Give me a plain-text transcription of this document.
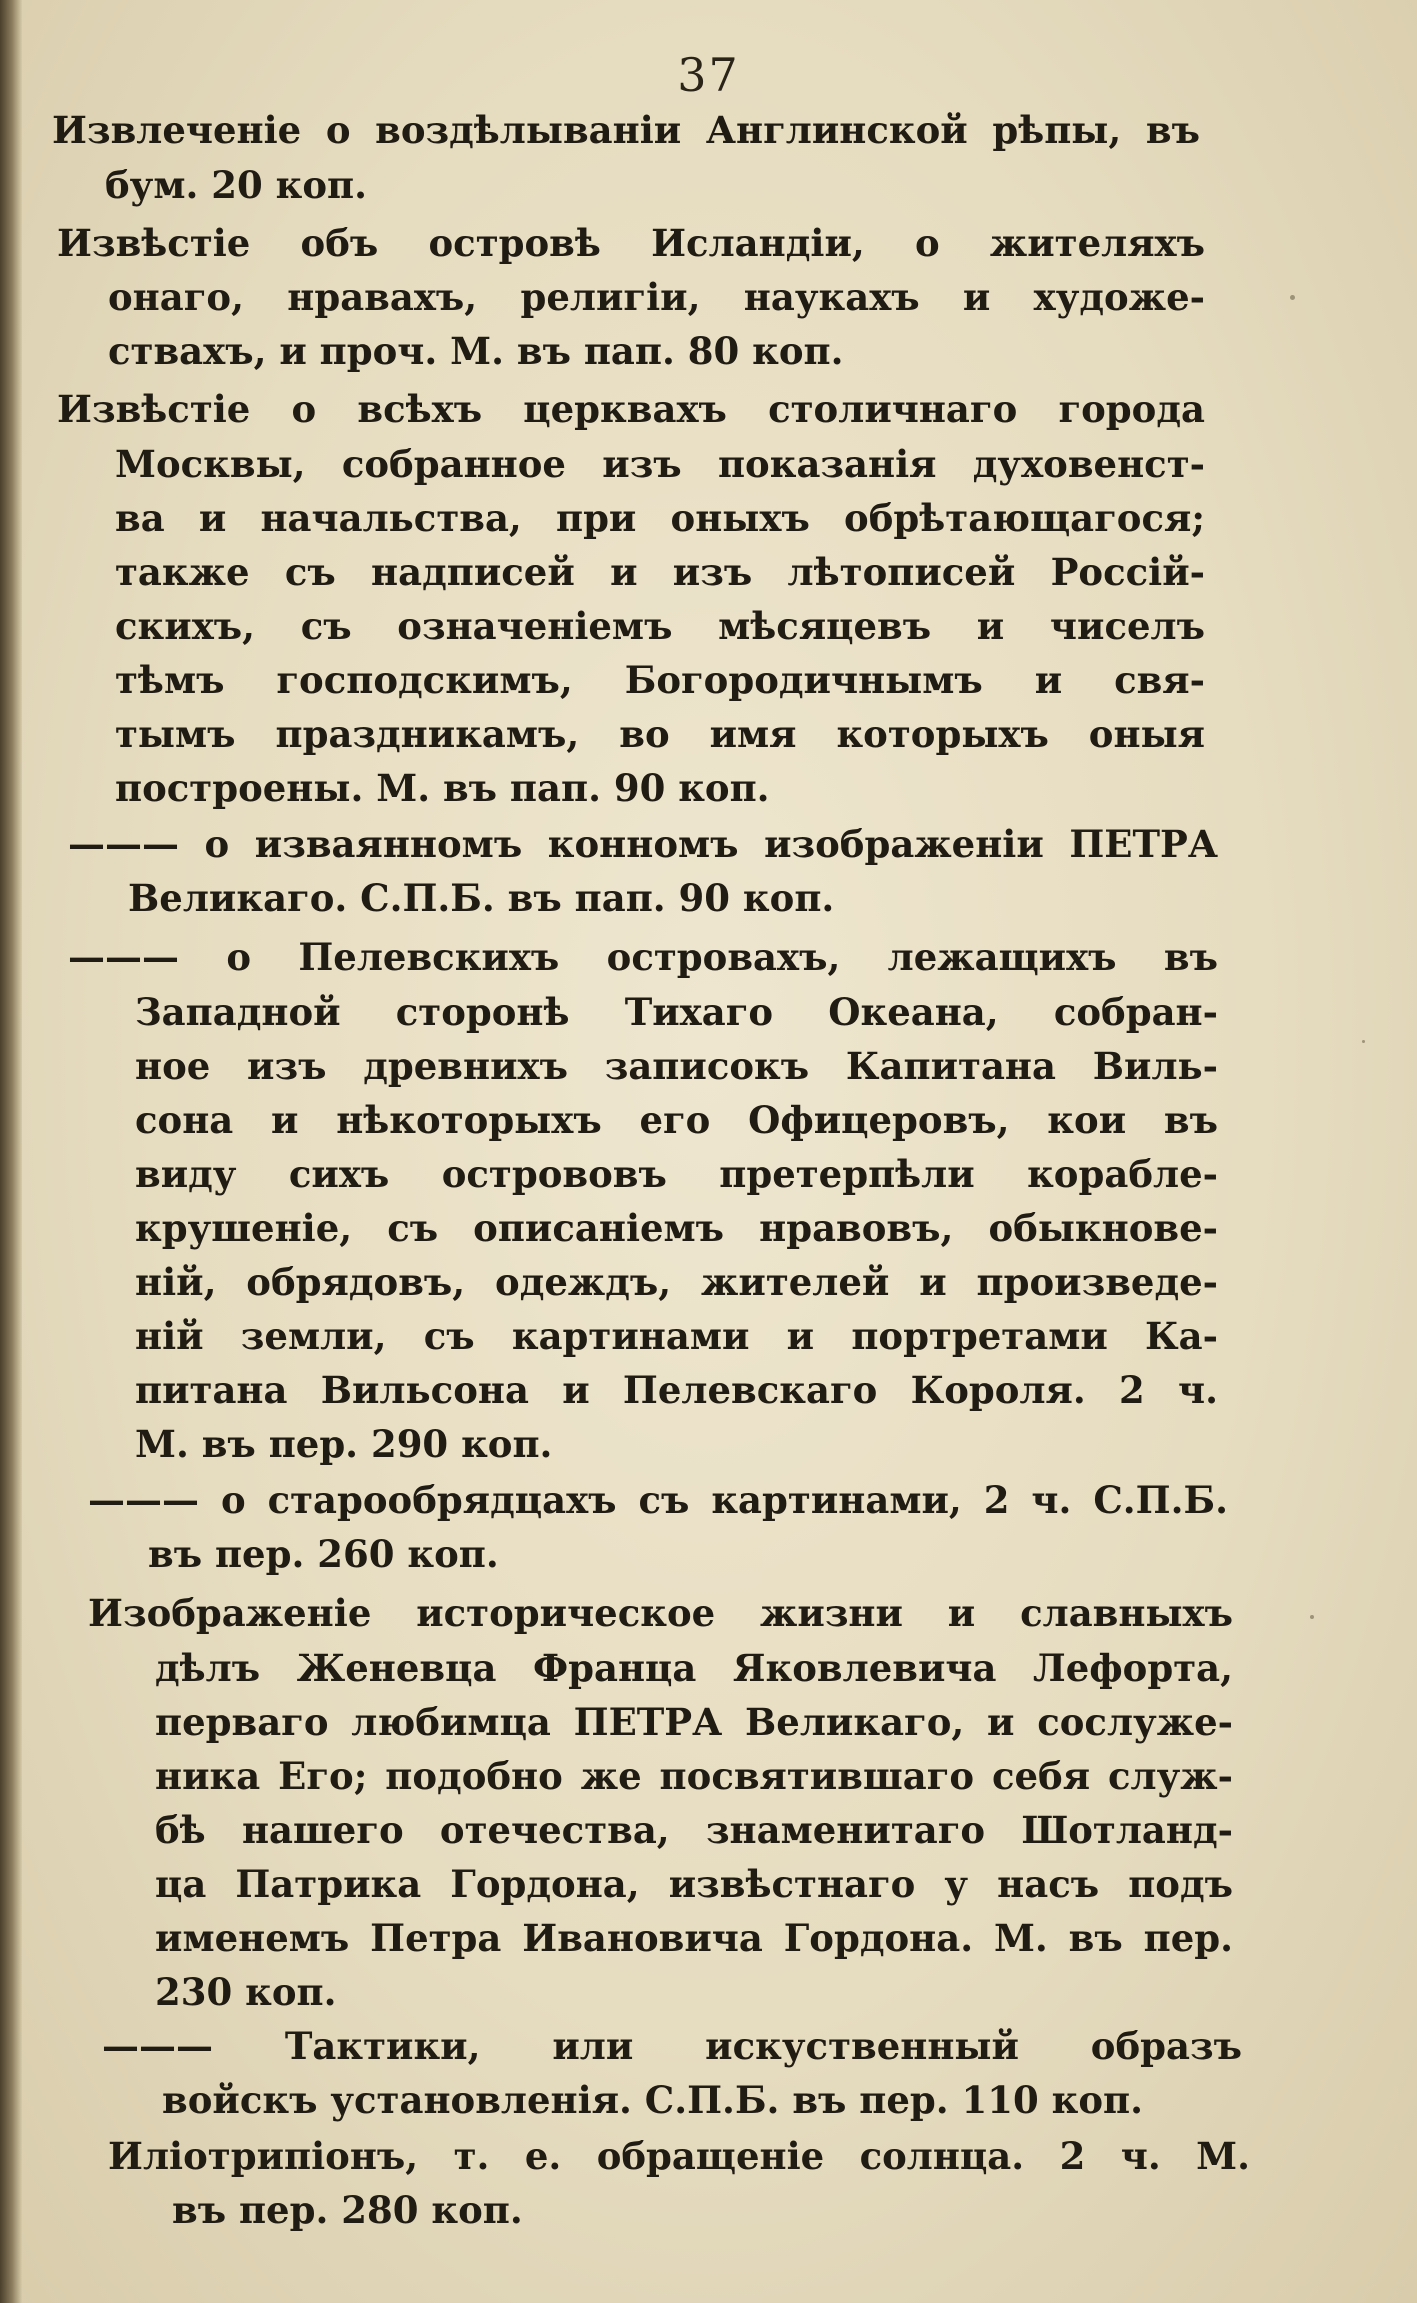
37
Извлеченіе о воздѣлываніи Англинской рѣпы, въ
бум. 20 коп.
Извѣстіе объ островѣ Исландіи, о жителяхъ
онаго, нравахъ, религіи, наукахъ и художе-
ствахъ, и проч. М. въ пап. 80 коп.
Извѣстіе о всѣхъ церквахъ столичнаго города
Москвы, собранное изъ показанія духовенст-
ва и начальства, при оныхъ обрѣтающагося;
также съ надписей и изъ лѣтописей Россій-
скихъ, съ означеніемъ мѣсяцевъ и чиселъ
тѣмъ господскимъ, Богородичнымъ и свя-
тымъ праздникамъ, во имя которыхъ оныя
построены. М. въ пап. 90 коп.
——— о изваянномъ конномъ изображеніи ПЕТРА
Великаго. С.П.Б. въ пап. 90 коп.
——— о Пелевскихъ островахъ, лежащихъ въ
Западной сторонѣ Тихаго Океана, собран-
ное изъ древнихъ записокъ Капитана Виль-
сона и нѣкоторыхъ его Офицеровъ, кои въ
виду сихъ острововъ претерпѣли корабле-
крушеніе, съ описаніемъ нравовъ, обыкнове-
ній, обрядовъ, одеждъ, жителей и произведе-
ній земли, съ картинами и портретами Ка-
питана Вильсона и Пелевскаго Короля. 2 ч.
М. въ пер. 290 коп.
——— о старообрядцахъ съ картинами, 2 ч. С.П.Б.
въ пер. 260 коп.
Изображеніе историческое жизни и славныхъ
дѣлъ Женевца Франца Яковлевича Лефорта,
перваго любимца ПЕТРА Великаго, и сослуже-
ника Его; подобно же посвятившаго себя служ-
бѣ нашего отечества, знаменитаго Шотланд-
ца Патрика Гордона, извѣстнаго у насъ подъ
именемъ Петра Ивановича Гордона. М. въ пер.
230 коп.
——— Тактики, или искуственный образъ
войскъ установленія. С.П.Б. въ пер. 110 коп.
Иліотрипіонъ, т. е. обращеніе солнца. 2 ч. М.
въ пер. 280 коп.
